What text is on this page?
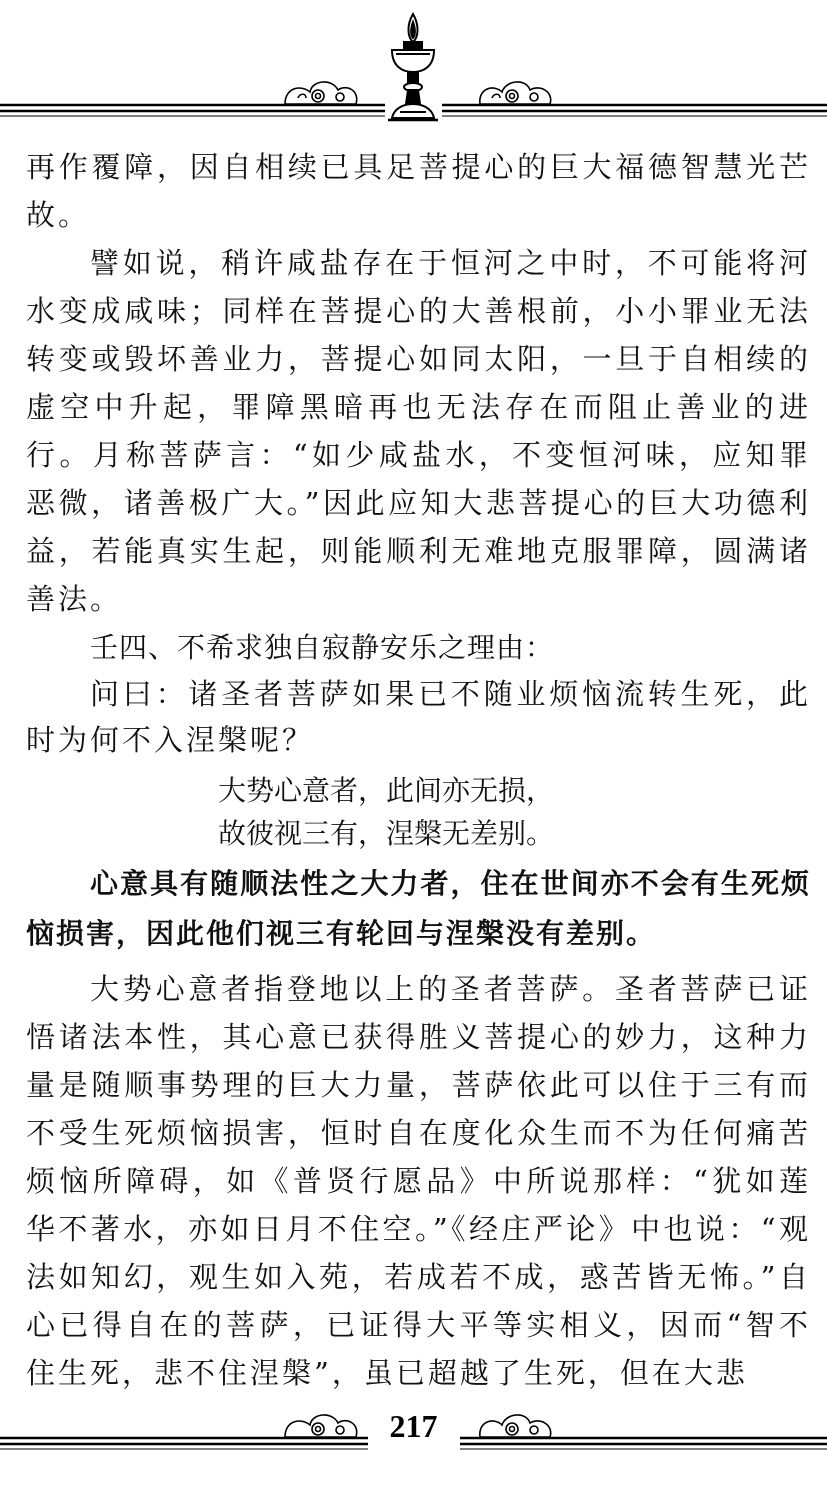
再作覆障，因自相续已具足菩提心的巨大福德智慧光芒故。

譬如说，稍许咸盐存在于恒河之中时，不可能将河水变成咸味；同样在菩提心的大善根前，小小罪业无法转变或毁坏善业力，菩提心如同太阳，一旦于自相续的虚空中升起，罪障黑暗再也无法存在而阻止善业的进行。月称菩萨言：“如少咸盐水，不变恒河味，应知罪恶微，诸善极广大。”因此应知大悲菩提心的巨大功德利益，若能真实生起，则能顺利无难地克服罪障，圆满诸善法。

壬四、不希求独自寂静安乐之理由：

问曰：诸圣者菩萨如果已不随业烦恼流转生死，此时为何不入涅槃呢？

大势心意者，此间亦无损，
故彼视三有，涅槃无差别。

心意具有随顺法性之大力者，住在世间亦不会有生死烦恼损害，因此他们视三有轮回与涅槃没有差别。

大势心意者指登地以上的圣者菩萨。圣者菩萨已证悟诸法本性，其心意已获得胜义菩提心的妙力，这种力量是随顺事势理的巨大力量，菩萨依此可以住于三有而不受生死烦恼损害，恒时自在度化众生而不为任何痛苦烦恼所障碍，如《普贤行愿品》中所说那样：“犹如莲华不著水，亦如日月不住空。”《经庄严论》中也说：“观法如知幻，观生如入苑，若成若不成，惑苦皆无怖。”自心已得自在的菩萨，已证得大平等实相义，因而“智不住生死，悲不住涅槃”，虽已超越了生死，但在大悲

217
